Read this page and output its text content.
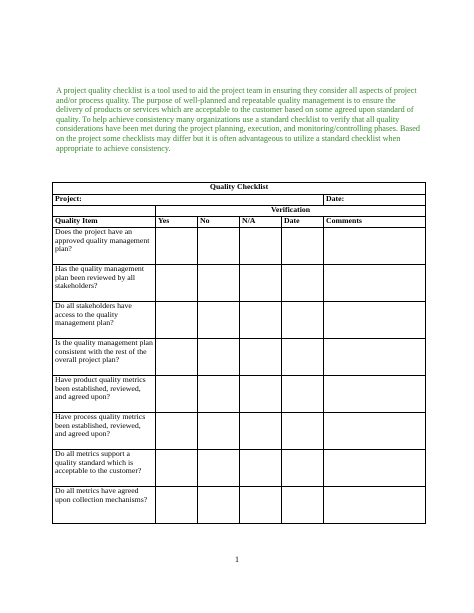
A project quality checklist is a tool used to aid the project team in ensuring they consider all aspects of project and/or process quality. The purpose of well-planned and repeatable quality management is to ensure the delivery of products or services which are acceptable to the customer based on some agreed upon standard of quality. To help achieve consistency many organizations use a standard checklist to verify that all quality considerations have been met during the project planning, execution, and monitoring/controlling phases. Based on the project some checklists may differ but it is often advantageous to utilize a standard checklist when appropriate to achieve consistency.

Quality Checklist					
Project:					Date:
	Verification				
Quality Item	Yes	No	N/A	Date	Comments
Does the project have an approved quality management plan?					
Has the quality management plan been reviewed by all stakeholders?					
Do all stakeholders have access to the quality management plan?					
Is the quality management plan consistent with the rest of the overall project plan?					
Have product quality metrics been established, reviewed, and agreed upon?					
Have process quality metrics been established, reviewed, and agreed upon?					
Do all metrics support a quality standard which is acceptable to the customer?					
Do all metrics have agreed upon collection mechanisms?					
1
